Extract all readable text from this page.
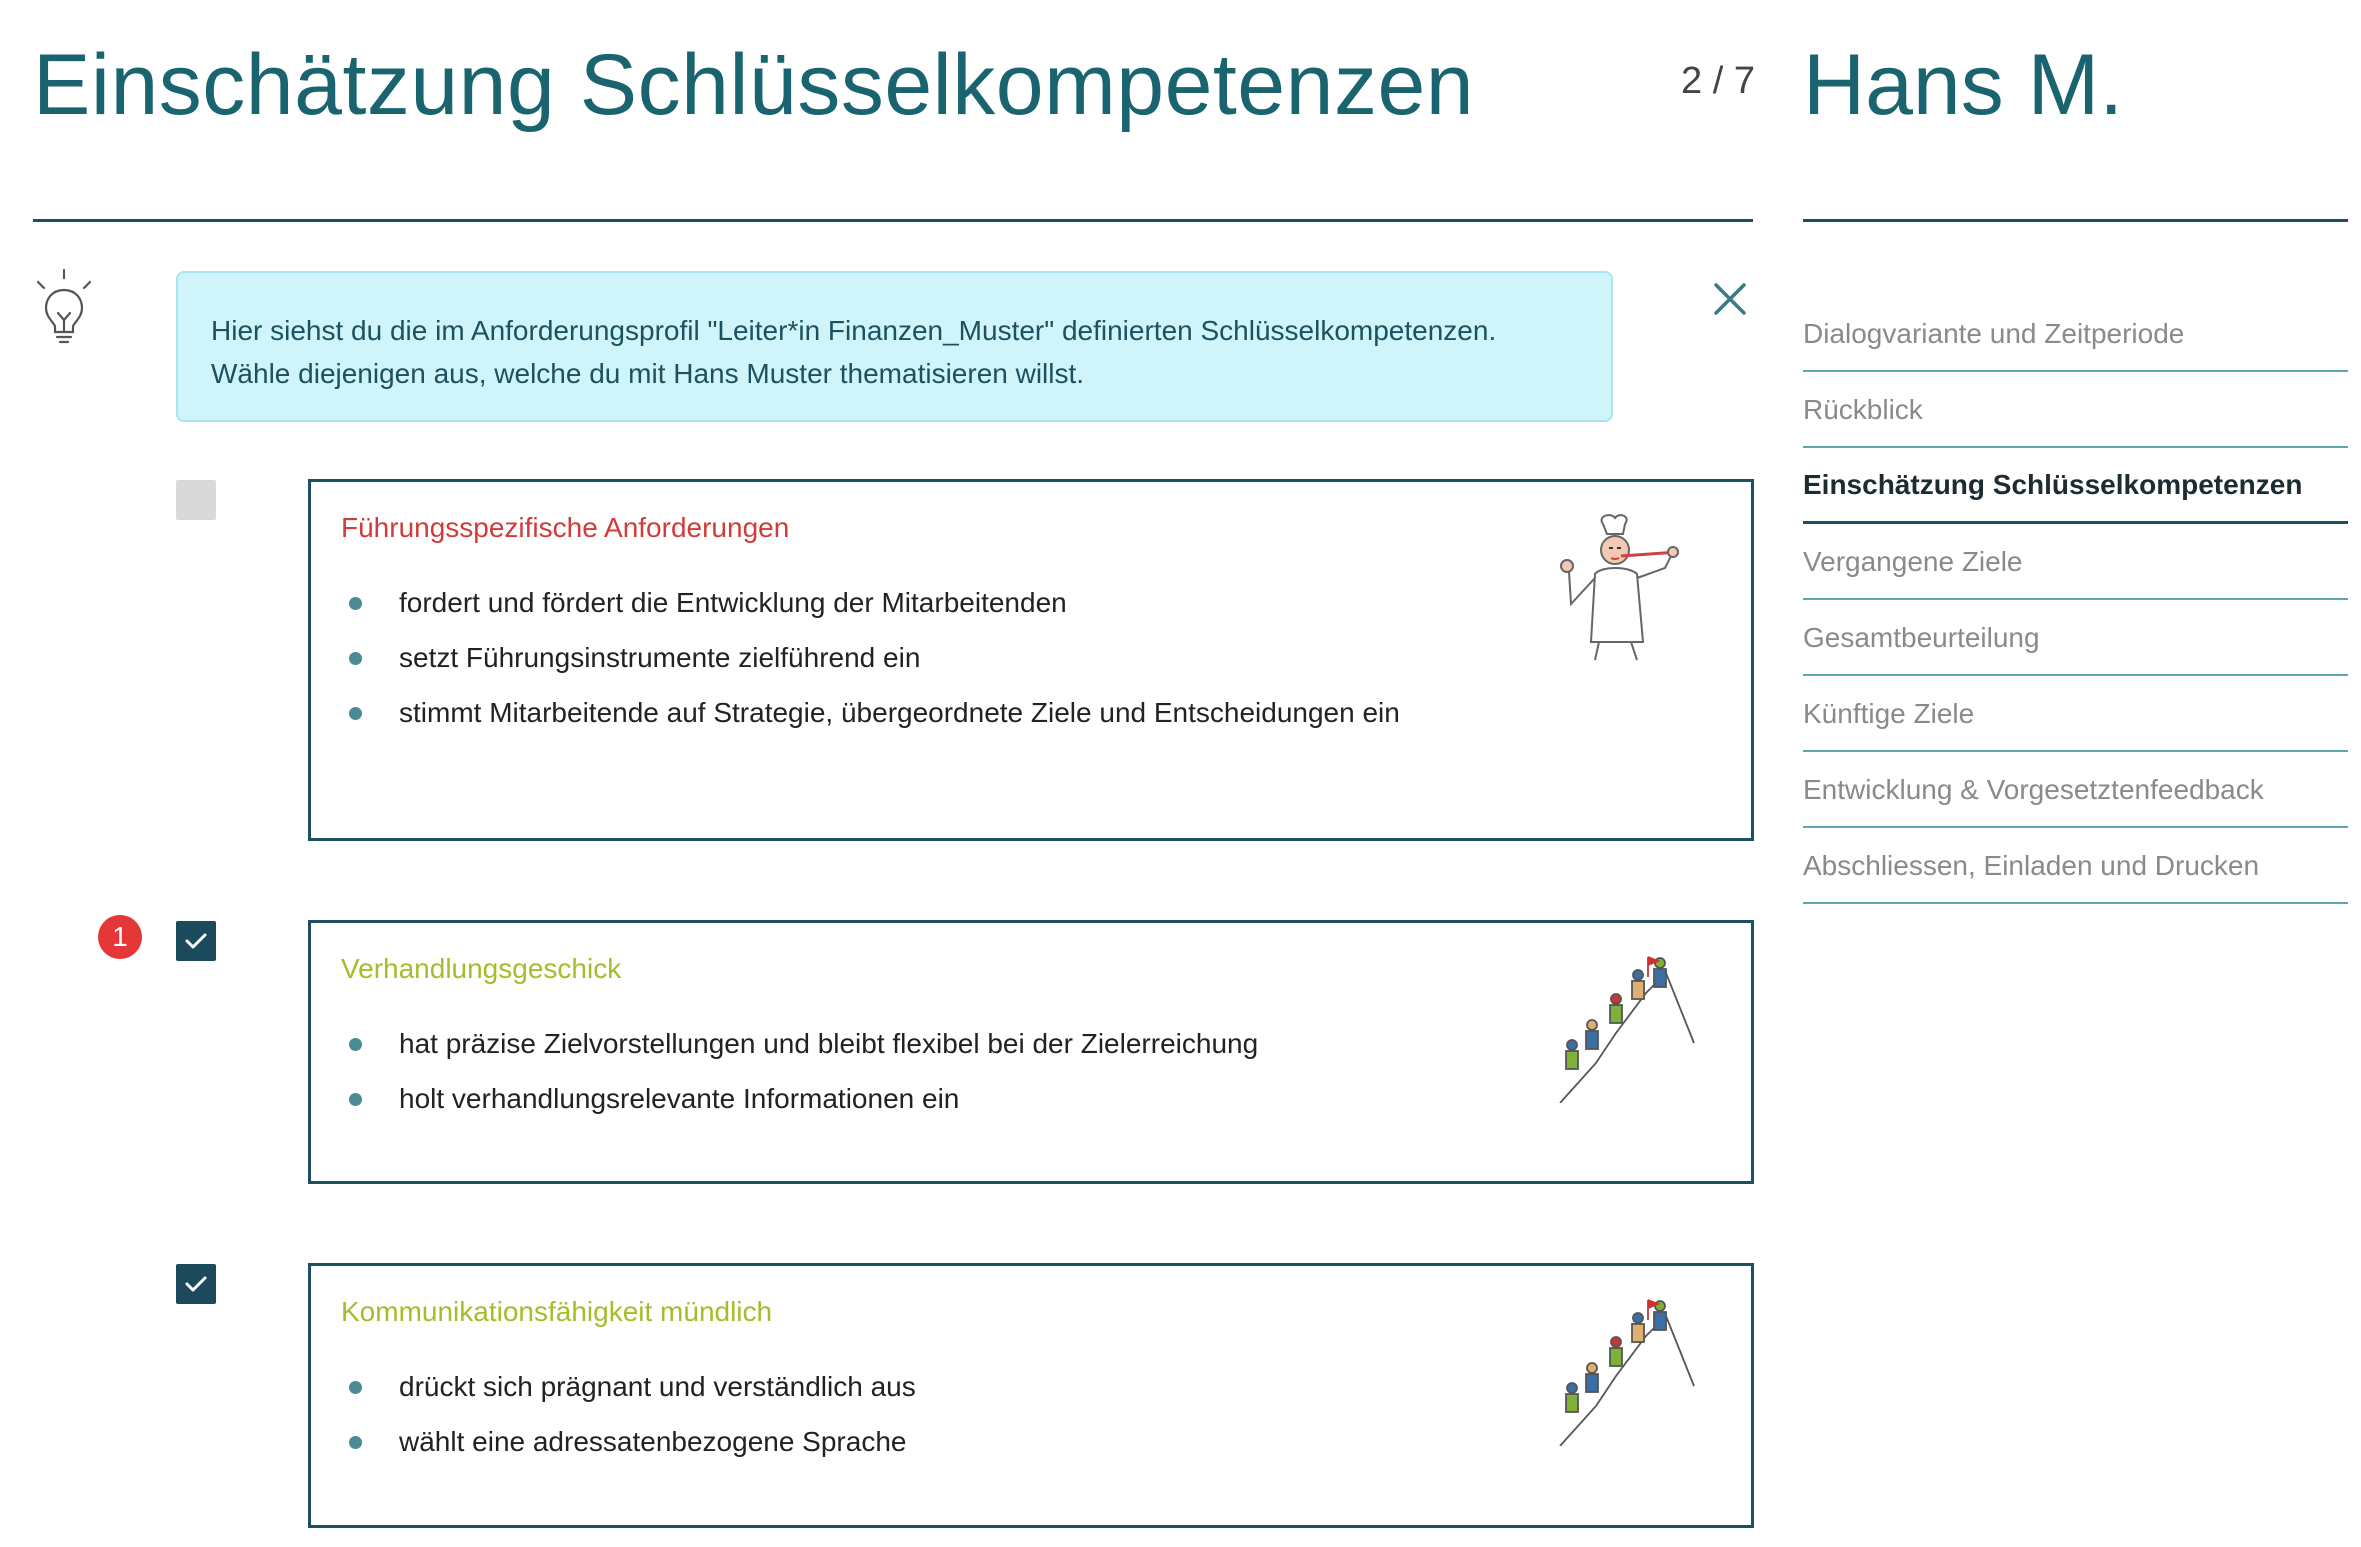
Einschätzung Schlüsselkompetenzen	2 / 7 Hans M.

Hier siehst du die im Anforderungsprofil "Leiter*in Finanzen_Muster" definierten Schlüsselkompetenzen.

Wähle diejenigen aus, welche du mit Hans Muster thematisieren willst.

Führungsspezifische Anforderungen
fordert und fördert die Entwicklung der Mitarbeitenden
setzt Führungsinstrumente zielführend ein
stimmt Mitarbeitende auf Strategie, übergeordnete Ziele und Entscheidungen ein
1
Verhandlungsgeschick
hat präzise Zielvorstellungen und bleibt flexibel bei der Zielerreichung
holt verhandlungsrelevante Informationen ein
Kommunikationsfähigkeit mündlich
drückt sich prägnant und verständlich aus
wählt eine adressatenbezogene Sprache
Dialogvariante und Zeitperiode
Rückblick
Einschätzung Schlüsselkompetenzen
Vergangene Ziele
Gesamtbeurteilung
Künftige Ziele
Entwicklung & Vorgesetztenfeedback
Abschliessen, Einladen und Drucken
